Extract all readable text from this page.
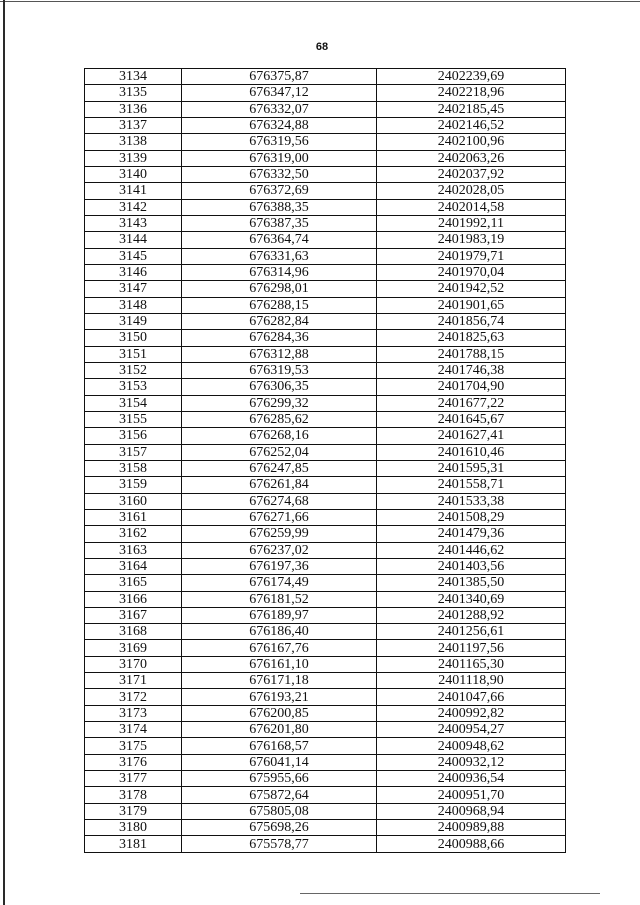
68
3134	676375,87	2402239,69
3135	676347,12	2402218,96
3136	676332,07	2402185,45
3137	676324,88	2402146,52
3138	676319,56	2402100,96
3139	676319,00	2402063,26
3140	676332,50	2402037,92
3141	676372,69	2402028,05
3142	676388,35	2402014,58
3143	676387,35	2401992,11
3144	676364,74	2401983,19
3145	676331,63	2401979,71
3146	676314,96	2401970,04
3147	676298,01	2401942,52
3148	676288,15	2401901,65
3149	676282,84	2401856,74
3150	676284,36	2401825,63
3151	676312,88	2401788,15
3152	676319,53	2401746,38
3153	676306,35	2401704,90
3154	676299,32	2401677,22
3155	676285,62	2401645,67
3156	676268,16	2401627,41
3157	676252,04	2401610,46
3158	676247,85	2401595,31
3159	676261,84	2401558,71
3160	676274,68	2401533,38
3161	676271,66	2401508,29
3162	676259,99	2401479,36
3163	676237,02	2401446,62
3164	676197,36	2401403,56
3165	676174,49	2401385,50
3166	676181,52	2401340,69
3167	676189,97	2401288,92
3168	676186,40	2401256,61
3169	676167,76	2401197,56
3170	676161,10	2401165,30
3171	676171,18	2401118,90
3172	676193,21	2401047,66
3173	676200,85	2400992,82
3174	676201,80	2400954,27
3175	676168,57	2400948,62
3176	676041,14	2400932,12
3177	675955,66	2400936,54
3178	675872,64	2400951,70
3179	675805,08	2400968,94
3180	675698,26	2400989,88
3181	675578,77	2400988,66
